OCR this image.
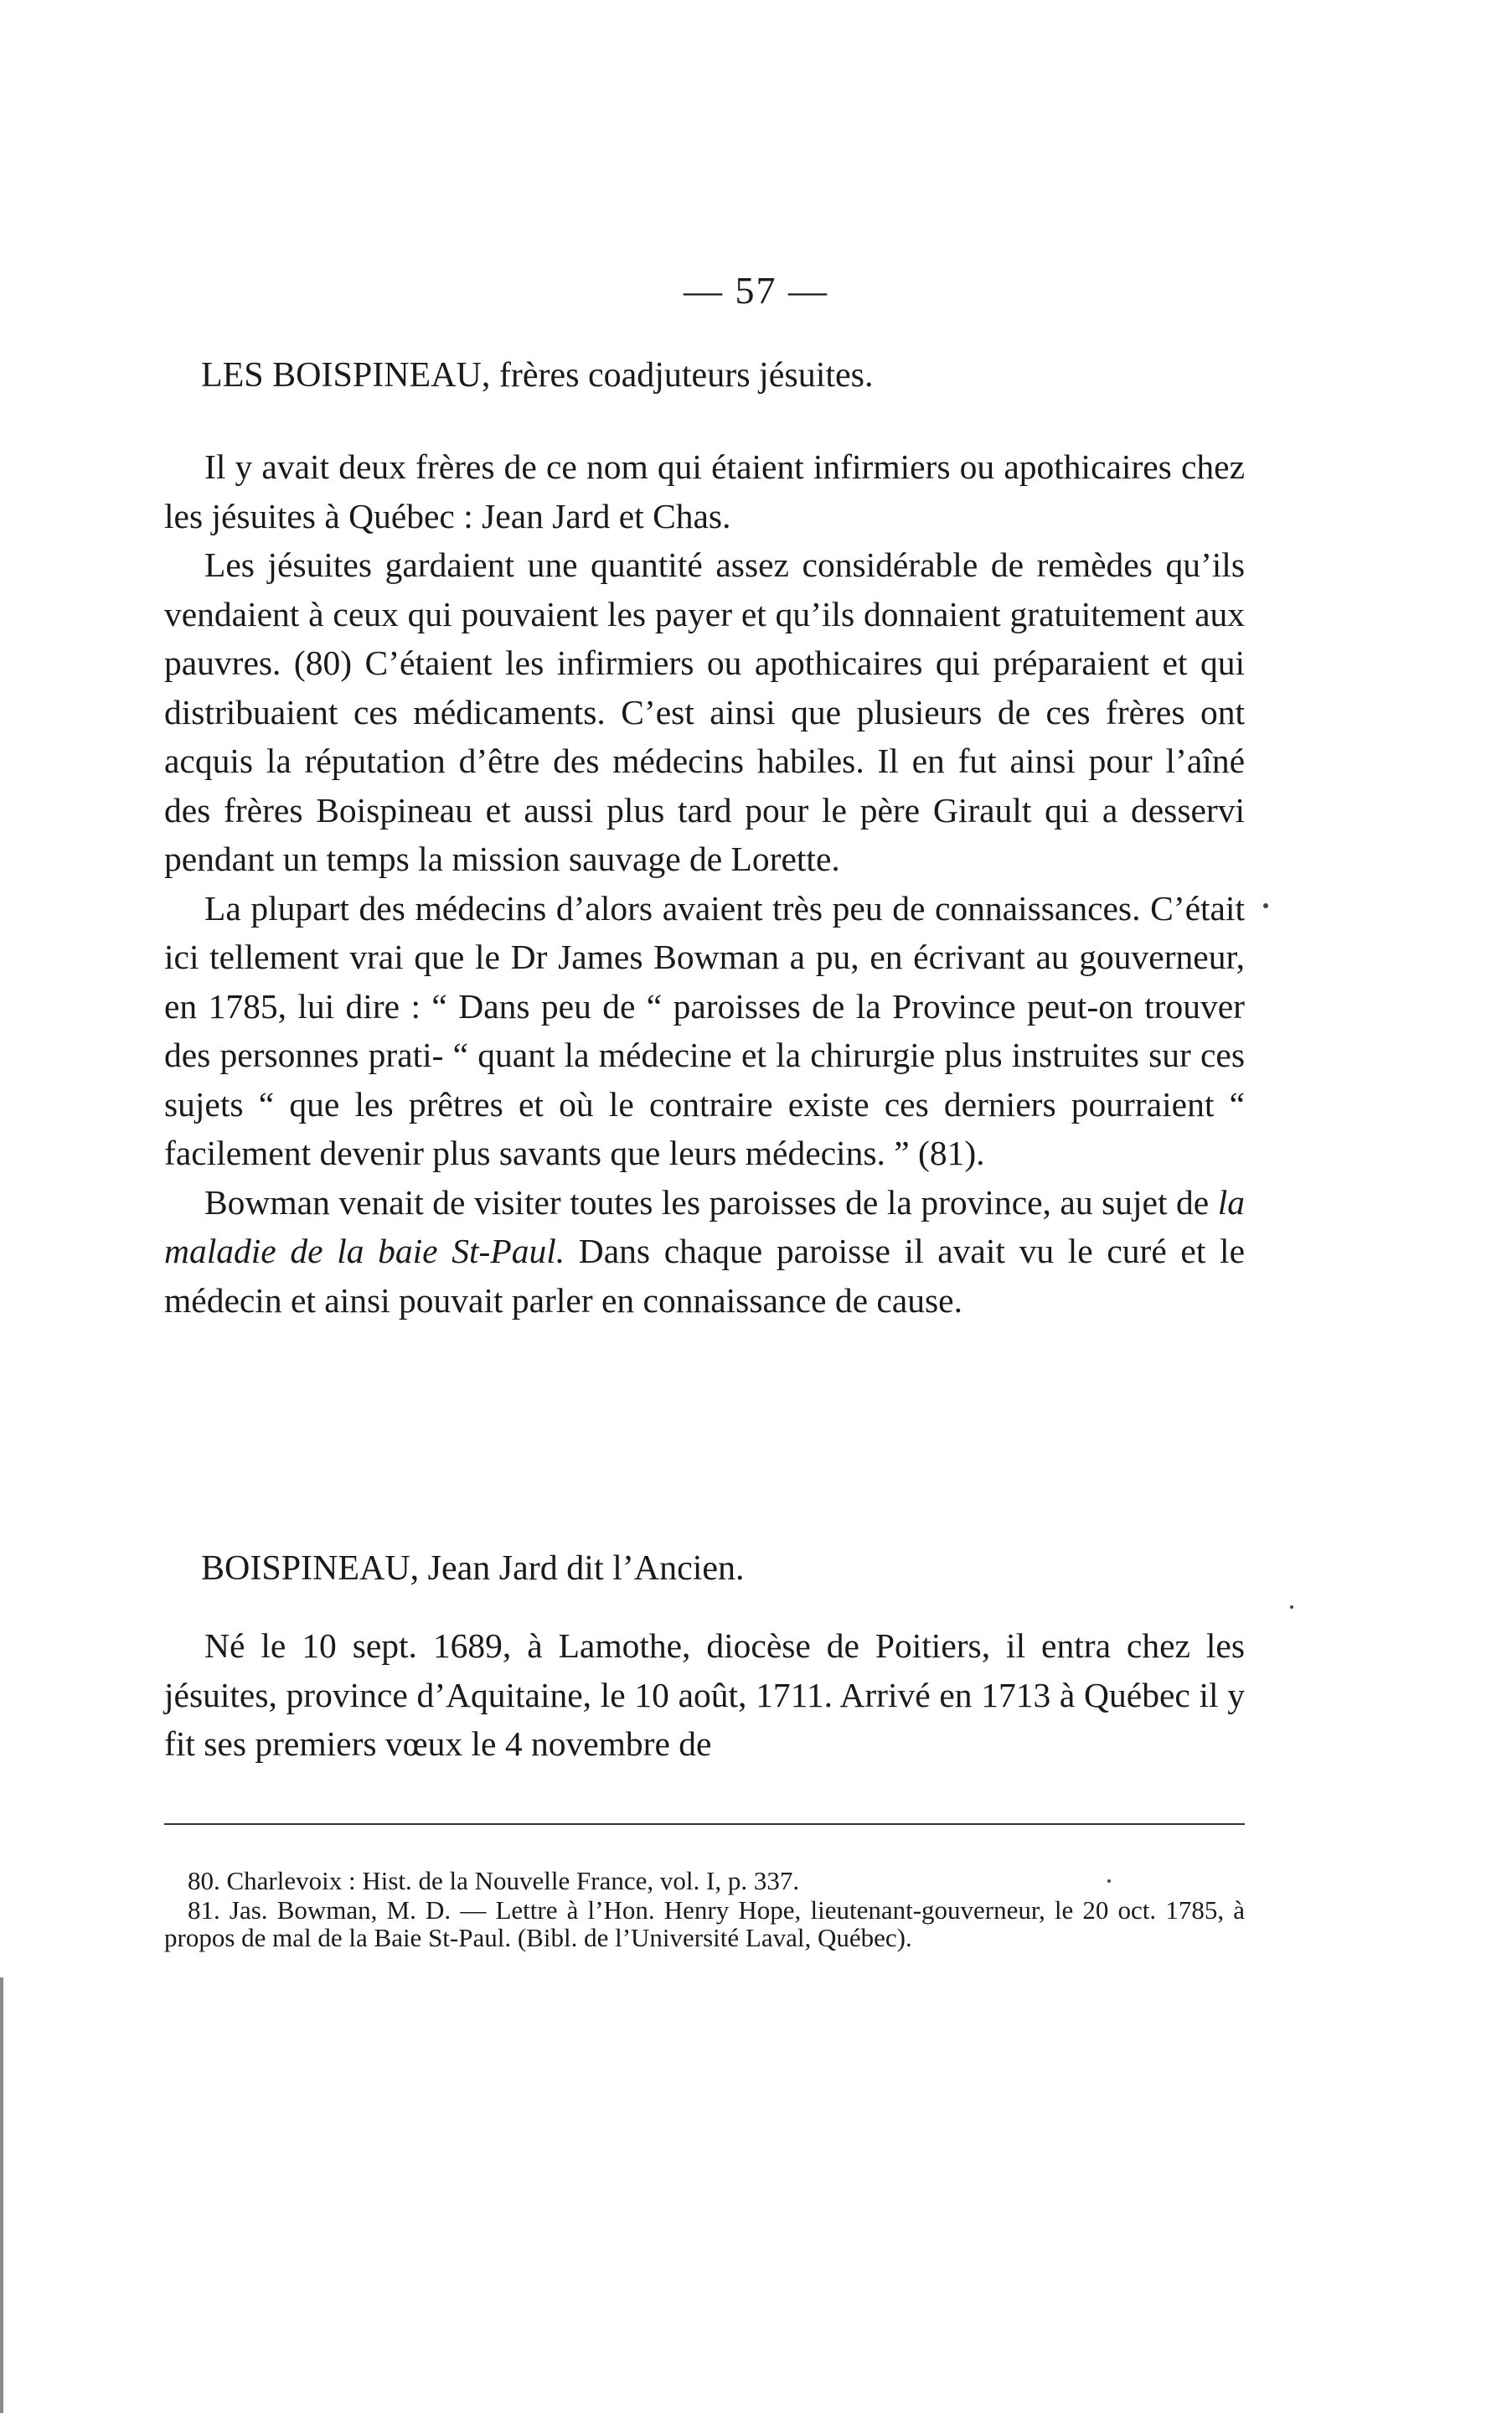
— 57 —
LES BOISPINEAU, frères coadjuteurs jésuites.

Il y avait deux frères de ce nom qui étaient infirmiers ou apothicaires chez les jésuites à Québec : Jean Jard et Chas.

Les jésuites gardaient une quantité assez considérable de remèdes qu’ils vendaient à ceux qui pouvaient les payer et qu’ils donnaient gratuitement aux pauvres. (80) C’étaient les infirmiers ou apothicaires qui préparaient et qui distribuaient ces médicaments. C’est ainsi que plusieurs de ces frères ont acquis la réputation d’être des médecins habiles. Il en fut ainsi pour l’aîné des frères Boispineau et aussi plus tard pour le père Girault qui a desservi pendant un temps la mission sauvage de Lorette.

La plupart des médecins d’alors avaient très peu de connaissances. C’était ici tellement vrai que le Dr James Bowman a pu, en écrivant au gouverneur, en 1785, lui dire : “ Dans peu de “ paroisses de la Province peut-on trouver des personnes prati- “ quant la médecine et la chirurgie plus instruites sur ces sujets “ que les prêtres et où le contraire existe ces derniers pourraient “ facilement devenir plus savants que leurs médecins. ” (81).

Bowman venait de visiter toutes les paroisses de la province, au sujet de la maladie de la baie St-Paul. Dans chaque paroisse il avait vu le curé et le médecin et ainsi pouvait parler en connaissance de cause.

BOISPINEAU, Jean Jard dit l’Ancien.

Né le 10 sept. 1689, à Lamothe, diocèse de Poitiers, il entra chez les jésuites, province d’Aquitaine, le 10 août, 1711. Arrivé en 1713 à Québec il y fit ses premiers vœux le 4 novembre de

80. Charlevoix : Hist. de la Nouvelle France, vol. I, p. 337.

81. Jas. Bowman, M. D. — Lettre à l’Hon. Henry Hope, lieutenant-gouverneur, le 20 oct. 1785, à propos de mal de la Baie St-Paul. (Bibl. de l’Université Laval, Québec).
